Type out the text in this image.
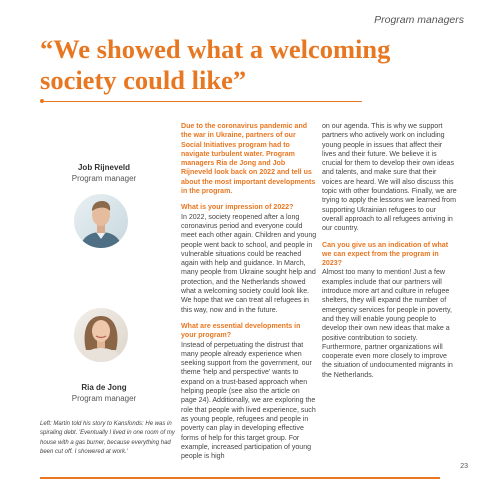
Program managers
“We showed what a welcoming society could like”
Job Rijneveld
Program manager
Ria de Jong
Program manager
Left: Martin told his story to Kansfonds: He was in spiraling debt. 'Eventually I lived in one room of my house with a gas burner, because everything had been cut off. I showered at work.'

Due to the coronavirus pandemic and the war in Ukraine, partners of our Social Initiatives program had to navigate turbulent water. Program managers Ria de Jong and Job Rijneveld look back on 2022 and tell us about the most important developments in the program.

What is your impression of 2022?

In 2022, society reopened after a long coronavirus period and everyone could meet each other again. Children and young people went back to school, and people in vulnerable situations could be reached again with help and guidance. In March, many people from Ukraine sought help and protection, and the Netherlands showed what a welcoming society could look like. We hope that we can treat all refugees in this way, now and in the future.

What are essential developments in your program?

Instead of perpetuating the distrust that many people already experience when seeking support from the government, our theme 'help and perspective' wants to expand on a trust-based approach when helping people (see also the article on page 24). Additionally, we are exploring the role that people with lived experience, such as young people, refugees and people in poverty can play in developing effective forms of help for this target group. For example, increased participation of young people is high

on our agenda. This is why we support partners who actively work on including young people in issues that affect their lives and their future. We believe it is crucial for them to develop their own ideas and talents, and make sure that their voices are heard. We will also discuss this topic with other foundations. Finally, we are trying to apply the lessons we learned from supporting Ukrainian refugees to our overall approach to all refugees arriving in our country.

Can you give us an indication of what we can expect from the program in 2023?

Almost too many to mention! Just a few examples include that our partners will introduce more art and culture in refugee shelters, they will expand the number of emergency services for people in poverty, and they will enable young people to develop their own new ideas that make a positive contribution to society. Furthermore, partner organizations will cooperate even more closely to improve the situation of undocumented migrants in the Netherlands.

23
